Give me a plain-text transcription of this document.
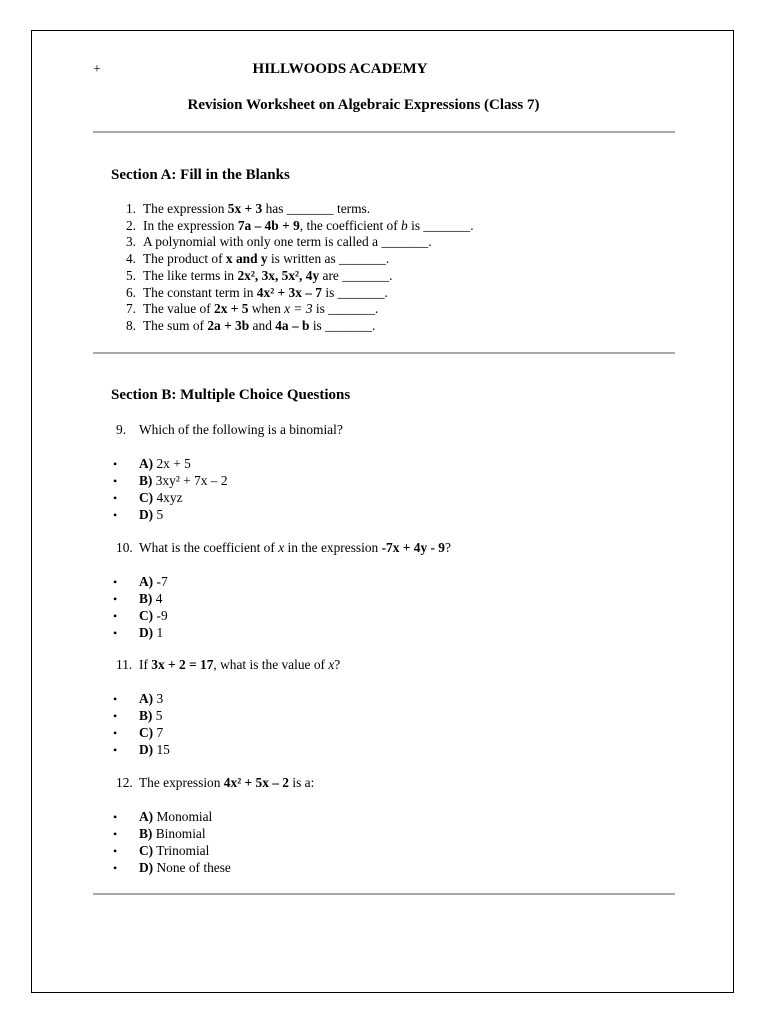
+	HILLWOODS ACADEMY
Revision Worksheet on Algebraic Expressions (Class 7)
Section A: Fill in the Blanks
1. The expression 5x + 3 has _______ terms.
2. In the expression 7a – 4b + 9, the coefficient of b is _______.
3. A polynomial with only one term is called a _______.
4. The product of x and y is written as _______.
5. The like terms in 2x², 3x, 5x², 4y are _______.
6. The constant term in 4x² + 3x – 7 is _______.
7. The value of 2x + 5 when x = 3 is _______.
8. The sum of 2a + 3b and 4a – b is _______.
Section B: Multiple Choice Questions
9. Which of the following is a binomial?
• A) 2x + 5
• B) 3xy² + 7x – 2
• C) 4xyz
• D) 5
10. What is the coefficient of x in the expression -7x + 4y - 9?
• A) -7
• B) 4
• C) -9
• D) 1
11. If 3x + 2 = 17, what is the value of x?
• A) 3
• B) 5
• C) 7
• D) 15
12. The expression 4x² + 5x – 2 is a:
• A) Monomial
• B) Binomial
• C) Trinomial
• D) None of these
